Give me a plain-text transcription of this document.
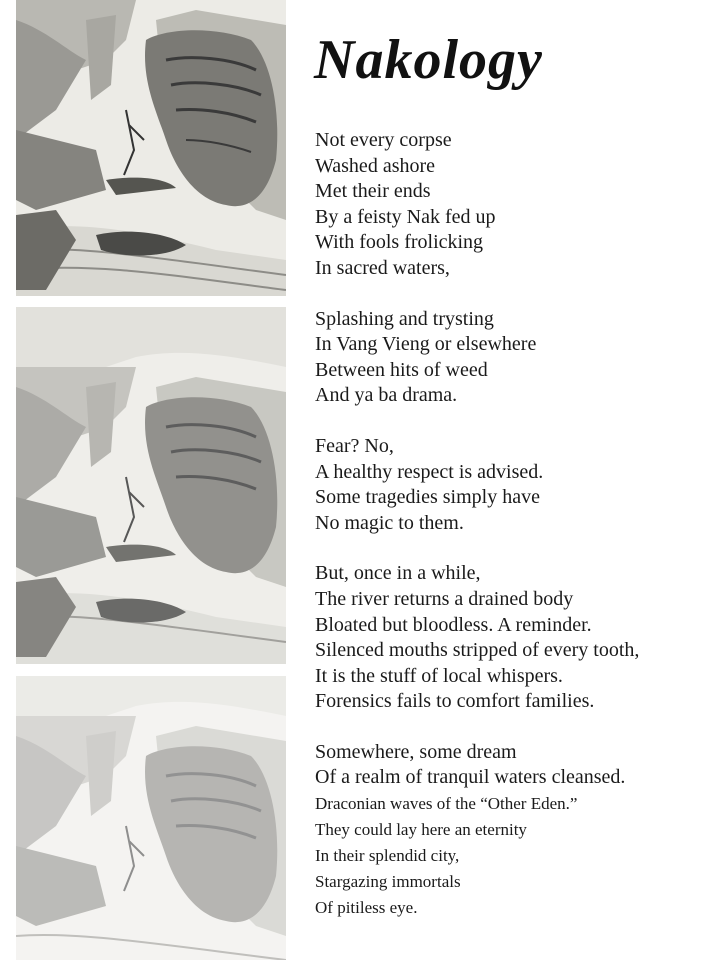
Nakology
Not every corpse
Washed ashore
Met their ends
By a feisty Nak fed up
With fools frolicking
In sacred waters,
Splashing and trysting
In Vang Vieng or elsewhere
Between hits of weed
And ya ba drama.
Fear? No,
A healthy respect is advised.
Some tragedies simply have
No magic to them.
But, once in a while,
The river returns a drained body
Bloated but bloodless. A reminder.
Silenced mouths stripped of every tooth,
It is the stuff of local whispers.
Forensics fails to comfort families.
Somewhere, some dream
Of a realm of tranquil waters cleansed.
Draconian waves of the “Other Eden.”
They could lay here an eternity
In their splendid city,
Stargazing immortals
Of pitiless eye.
